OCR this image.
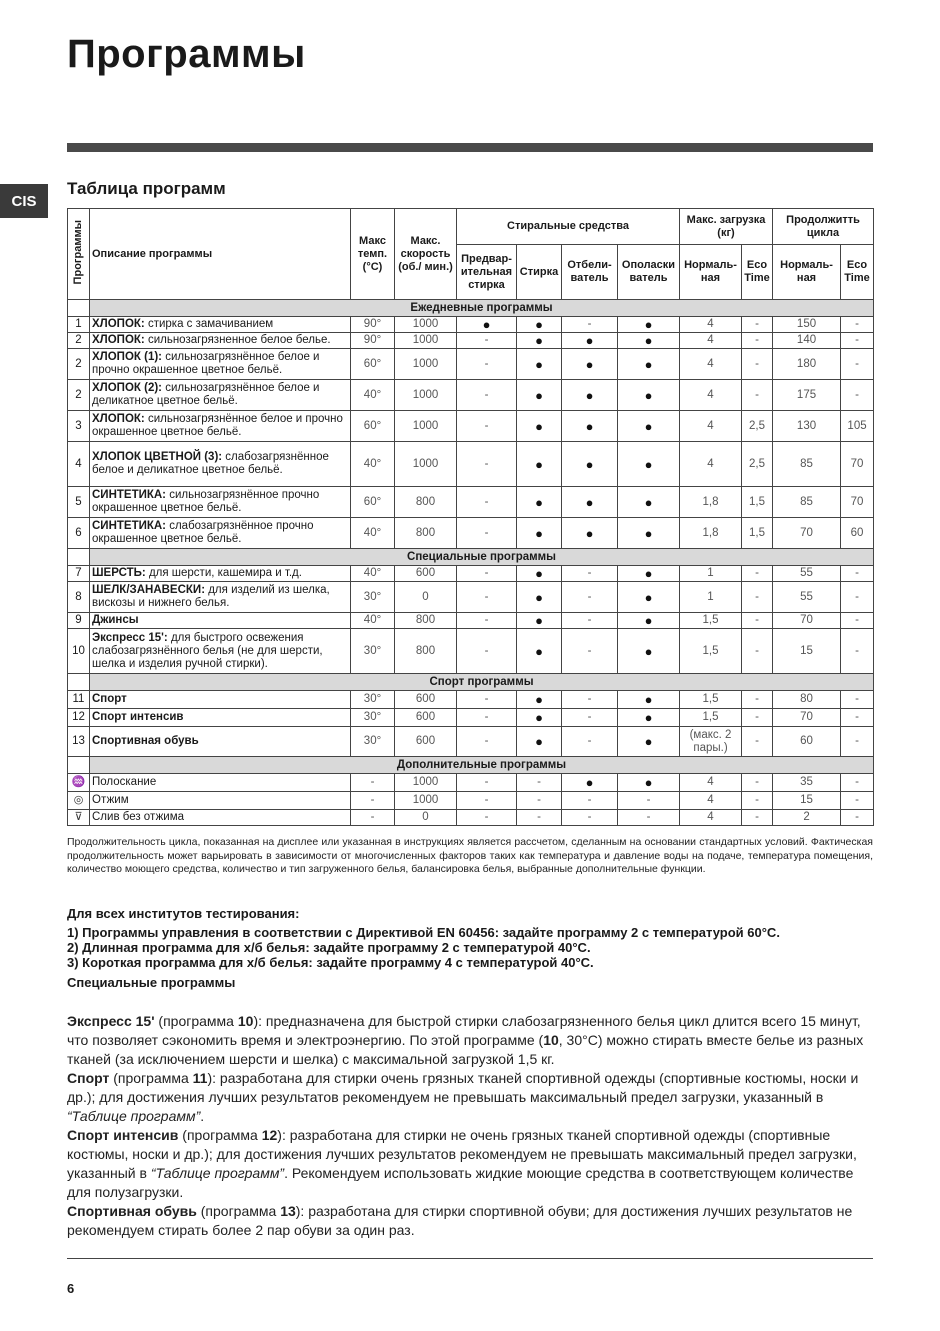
Программы
CIS
Таблица программ
Программы	Описание программы	Макс темп. (°C)	Макс. скорость (об./ мин.)	Стиральные средства				Макс. загрузка (кг)		Продолжитть цикла	
				Предвар-ительная стирка	Стирка	Отбели-ватель	Ополаски ватель	Нормаль-ная	Eco Time	Нормаль-ная	Eco Time
	Ежедневные программы										
1	ХЛОПОК: стирка с замачиванием	90°	1000	●	●	-	●	4	-	150	-
2	ХЛОПОК: сильнозагрязненное белое белье.	90°	1000	-	●	●	●	4	-	140	-
2	ХЛОПОК (1): сильнозагрязнённое белое и прочно окрашенное цветное бельё.	60°	1000	-	●	●	●	4	-	180	-
2	ХЛОПОК (2): сильнозагрязнённое белое и деликатное цветное бельё.	40°	1000	-	●	●	●	4	-	175	-
3	ХЛОПОК: сильнозагрязнённое белое и прочно окрашенное цветное бельё.	60°	1000	-	●	●	●	4	2,5	130	105
4	ХЛОПОК ЦВЕТНОЙ (3): слабозагрязнённое белое и деликатное цветное бельё.	40°	1000	-	●	●	●	4	2,5	85	70
5	СИНТЕТИКА: сильнозагрязнённое прочно окрашенное цветное бельё.	60°	800	-	●	●	●	1,8	1,5	85	70
6	СИНТЕТИКА: слабозагрязнённое прочно окрашенное цветное бельё.	40°	800	-	●	●	●	1,8	1,5	70	60
	Специальные программы										
7	ШЕРСТЬ: для шерсти, кашемира и т.д.	40°	600	-	●	-	●	1	-	55	-
8	ШЕЛК/ЗАНАВЕСКИ: для изделий из шелка, вискозы и нижнего белья.	30°	0	-	●	-	●	1	-	55	-
9	Джинсы	40°	800	-	●	-	●	1,5	-	70	-
10	Экспресс 15': для быстрого освежения слабозагрязнённого белья (не для шерсти, шелка и изделия ручной стирки).	30°	800	-	●	-	●	1,5	-	15	-
	Спорт программы										
11	Спорт	30°	600	-	●	-	●	1,5	-	80	-
12	Спорт интенсив	30°	600	-	●	-	●	1,5	-	70	-
13	Спортивная обувь	30°	600	-	●	-	●	(макс. 2 пары.)	-	60	-
	Дополнительные программы										
♒	Полоскание	-	1000	-	-	●	●	4	-	35	-
◎	Отжим	-	1000	-	-	-	-	4	-	15	-
⊽	Слив без отжима	-	0	-	-	-	-	4	-	2	-
Продолжительность цикла, показанная на дисплее или указанная в инструкциях является рассчетом, сделанным на основании стандартных условий. Фактическая продолжительность может варьировать в зависимости от многочисленных факторов таких как температура и давление воды на подаче, температура помещения, количество моющего средства, количество и тип загруженного белья, балансировка белья, выбранные дополнительные функции.
Для всех институтов тестирования:
1) Программы управления в соответствии с Директивой EN 60456: задайте программу 2 с температурой 60°C.
2) Длинная программа для х/б белья: задайте программу 2 с температурой 40°C.
3) Короткая программа для х/б белья: задайте программу 4 с температурой 40°C.
Специальные программы

Экспресс 15' (программа 10): предназначена для быстрой стирки слабозагрязненного белья цикл длится всего 15 минут, что позволяет сэкономить время и электроэнергию. По этой программе (10, 30°C) можно стирать вместе белье из разных тканей (за исключением шерсти и шелка) с максимальной загрузкой 1,5 кг.

Спорт (программа 11): разработана для стирки очень грязных тканей спортивной одежды (спортивные костюмы, носки и др.); для достижения лучших результатов рекомендуем не превышать максимальный предел загрузки, указанный в “Таблице программ”.

Спорт интенсив (программа 12): разработана для стирки не очень грязных тканей спортивной одежды (спортивные костюмы, носки и др.); для достижения лучших результатов рекомендуем не превышать максимальный предел загрузки, указанный в “Таблице программ”. Рекомендуем использовать жидкие моющие средства в соответствующем количестве для полузагрузки.

Спортивная обувь (программа 13): разработана для стирки спортивной обуви; для достижения лучших результатов не рекомендуем стирать более 2 пар обуви за один раз.

6
